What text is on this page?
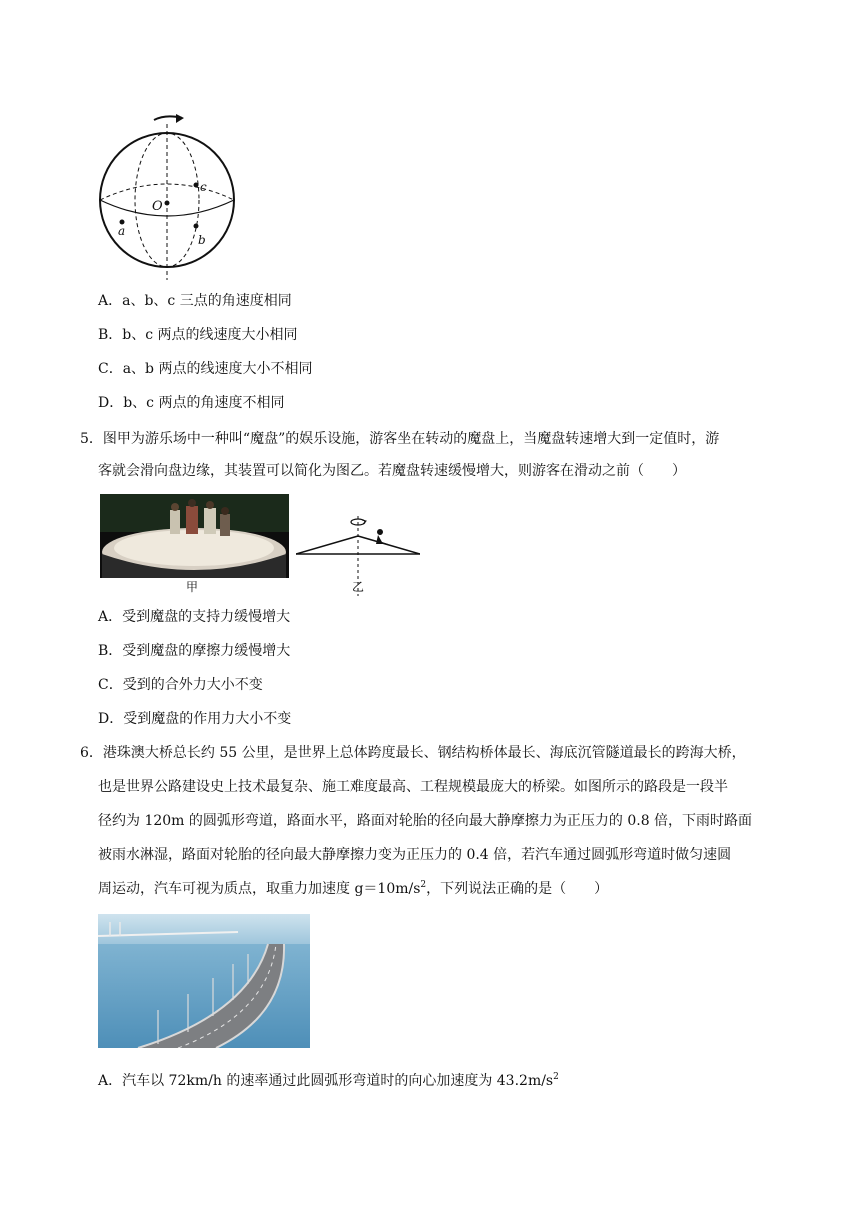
O
a
b
c
A．a、b、c 三点的角速度相同
B．b、c 两点的线速度大小相同
C．a、b 两点的线速度大小不相同
D．b、c 两点的角速度不相同
5．图甲为游乐场中一种叫“魔盘”的娱乐设施，游客坐在转动的魔盘上，当魔盘转速增大到一定值时，游
客就会滑向盘边缘，其装置可以简化为图乙。若魔盘转速缓慢增大，则游客在滑动之前（　　）
甲	乙
A．受到魔盘的支持力缓慢增大
B．受到魔盘的摩擦力缓慢增大
C．受到的合外力大小不变
D．受到魔盘的作用力大小不变
6．港珠澳大桥总长约 55 公里，是世界上总体跨度最长、钢结构桥体最长、海底沉管隧道最长的跨海大桥，
也是世界公路建设史上技术最复杂、施工难度最高、工程规模最庞大的桥梁。如图所示的路段是一段半
径约为 120m 的圆弧形弯道，路面水平，路面对轮胎的径向最大静摩擦力为正压力的 0.8 倍，下雨时路面
被雨水淋湿，路面对轮胎的径向最大静摩擦力变为正压力的 0.4 倍，若汽车通过圆弧形弯道时做匀速圆
周运动，汽车可视为质点，取重力加速度 $g=10m/s^2$，下列说法正确的是（　　）
A．汽车以 72km/h 的速率通过此圆弧形弯道时的向心加速度为 $43.2m/s^2$
